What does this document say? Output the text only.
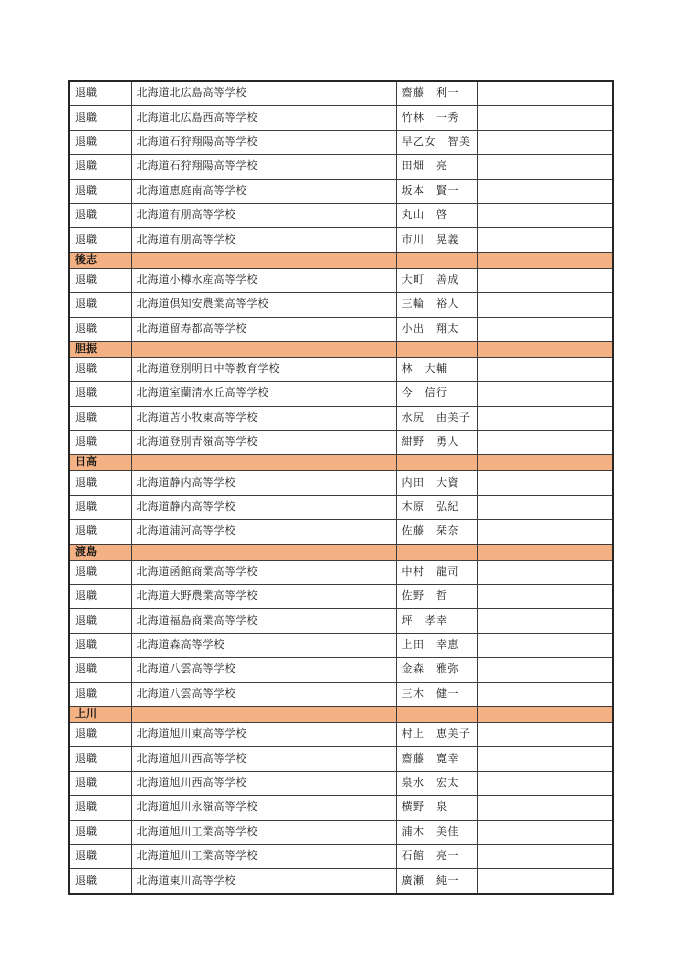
退職	北海道北広島高等学校	齋藤　利一	
退職	北海道北広島西高等学校	竹林　一秀	
退職	北海道石狩翔陽高等学校	早乙女　智美	
退職	北海道石狩翔陽高等学校	田畑　亮	
退職	北海道恵庭南高等学校	坂本　賢一	
退職	北海道有朋高等学校	丸山　啓	
退職	北海道有朋高等学校	市川　晃義	
後志			
退職	北海道小樽水産高等学校	大町　善成	
退職	北海道倶知安農業高等学校	三輪　裕人	
退職	北海道留寿都高等学校	小出　翔太	
胆振			
退職	北海道登別明日中等教育学校	林　大輔	
退職	北海道室蘭清水丘高等学校	今　信行	
退職	北海道苫小牧東高等学校	水尻　由美子	
退職	北海道登別青嶺高等学校	紺野　勇人	
日高			
退職	北海道静内高等学校	内田　大資	
退職	北海道静内高等学校	木原　弘紀	
退職	北海道浦河高等学校	佐藤　栞奈	
渡島			
退職	北海道函館商業高等学校	中村　龍司	
退職	北海道大野農業高等学校	佐野　哲	
退職	北海道福島商業高等学校	坪　孝幸	
退職	北海道森高等学校	上田　幸恵	
退職	北海道八雲高等学校	金森　雅弥	
退職	北海道八雲高等学校	三木　健一	
上川			
退職	北海道旭川東高等学校	村上　恵美子	
退職	北海道旭川西高等学校	齋藤　寛幸	
退職	北海道旭川西高等学校	泉水　宏太	
退職	北海道旭川永嶺高等学校	横野　泉	
退職	北海道旭川工業高等学校	浦木　美佳	
退職	北海道旭川工業高等学校	石館　亮一	
退職	北海道東川高等学校	廣瀬　純一	
